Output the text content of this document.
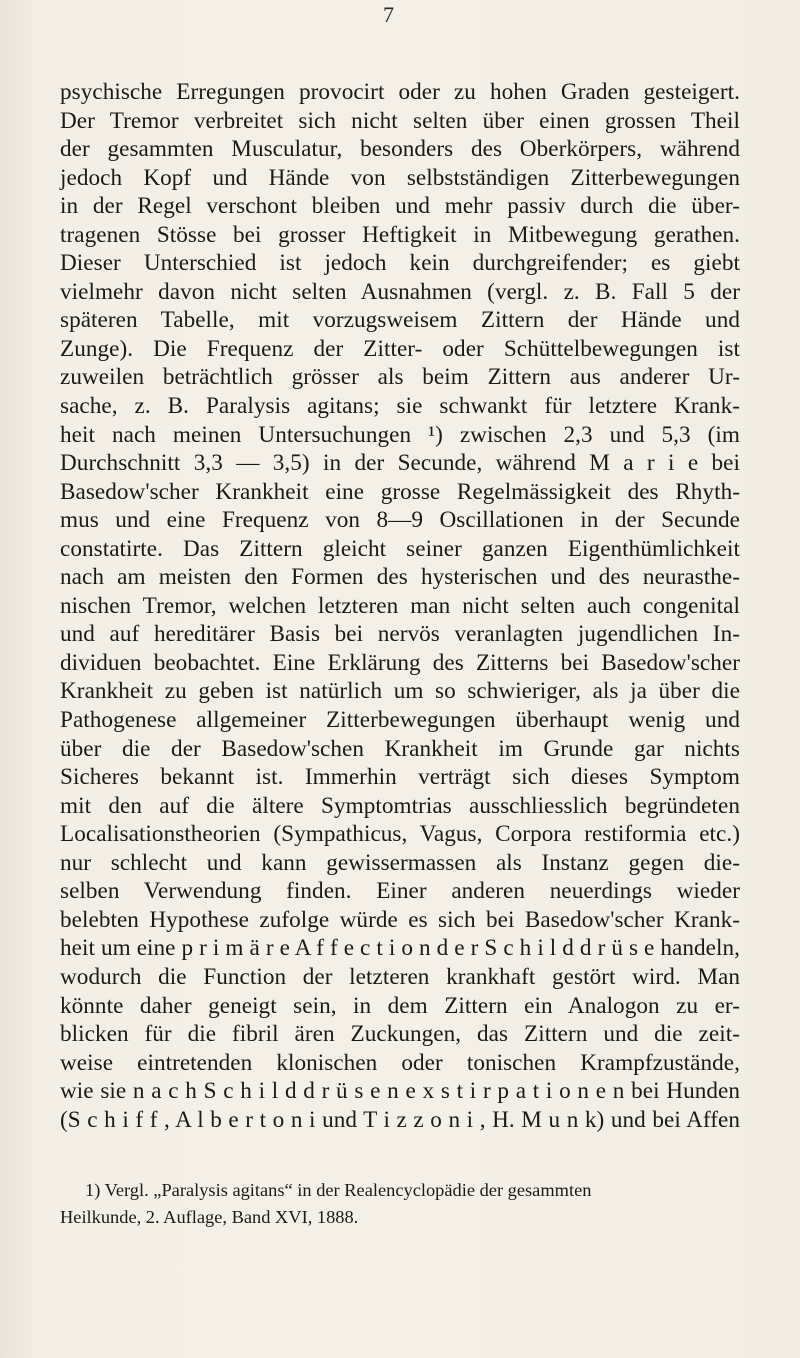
7
psychische Erregungen provocirt oder zu hohen Graden gesteigert.
Der Tremor verbreitet sich nicht selten über einen grossen Theil
der gesammten Musculatur, besonders des Oberkörpers, während
jedoch Kopf und Hände von selbstständigen Zitterbewegungen
in der Regel verschont bleiben und mehr passiv durch die über-
tragenen Stösse bei grosser Heftigkeit in Mitbewegung gerathen.
Dieser Unterschied ist jedoch kein durchgreifender; es giebt
vielmehr davon nicht selten Ausnahmen (vergl. z. B. Fall 5 der
späteren Tabelle, mit vorzugsweisem Zittern der Hände und
Zunge). Die Frequenz der Zitter- oder Schüttelbewegungen ist
zuweilen beträchtlich grösser als beim Zittern aus anderer Ur-
sache, z. B. Paralysis agitans; sie schwankt für letztere Krank-
heit nach meinen Untersuchungen ¹) zwischen 2,3 und 5,3 (im
Durchschnitt 3,3 — 3,5) in der Secunde, während M a r i e bei
Basedow'scher Krankheit eine grosse Regelmässigkeit des Rhyth-
mus und eine Frequenz von 8—9 Oscillationen in der Secunde
constatirte. Das Zittern gleicht seiner ganzen Eigenthümlichkeit
nach am meisten den Formen des hysterischen und des neurasthe-
nischen Tremor, welchen letzteren man nicht selten auch congenital
und auf hereditärer Basis bei nervös veranlagten jugendlichen In-
dividuen beobachtet. Eine Erklärung des Zitterns bei Basedow'scher
Krankheit zu geben ist natürlich um so schwieriger, als ja über die
Pathogenese allgemeiner Zitterbewegungen überhaupt wenig und
über die der Basedow'schen Krankheit im Grunde gar nichts
Sicheres bekannt ist. Immerhin verträgt sich dieses Symptom
mit den auf die ältere Symptomtrias ausschliesslich begründeten
Localisationstheorien (Sympathicus, Vagus, Corpora restiformia etc.)
nur schlecht und kann gewissermassen als Instanz gegen die-
selben Verwendung finden. Einer anderen neuerdings wieder
belebten Hypothese zufolge würde es sich bei Basedow'scher Krank-
heit um eine p r i m ä r e A f f e c t i o n d e r S c h i l d d r ü s e handeln,
wodurch die Function der letzteren krankhaft gestört wird. Man
könnte daher geneigt sein, in dem Zittern ein Analogon zu er-
blicken für die fibril ären Zuckungen, das Zittern und die zeit-
weise eintretenden klonischen oder tonischen Krampfzustände,
wie sie n a c h S c h i l d d r ü s e n e x s t i r p a t i o n e n bei Hunden
(S c h i f f , A l b e r t o n i und T i z z o n i , H. M u n k) und bei Affen
1) Vergl. „Paralysis agitans“ in der Realencyclopädie der gesammten
Heilkunde, 2. Auflage, Band XVI, 1888.
